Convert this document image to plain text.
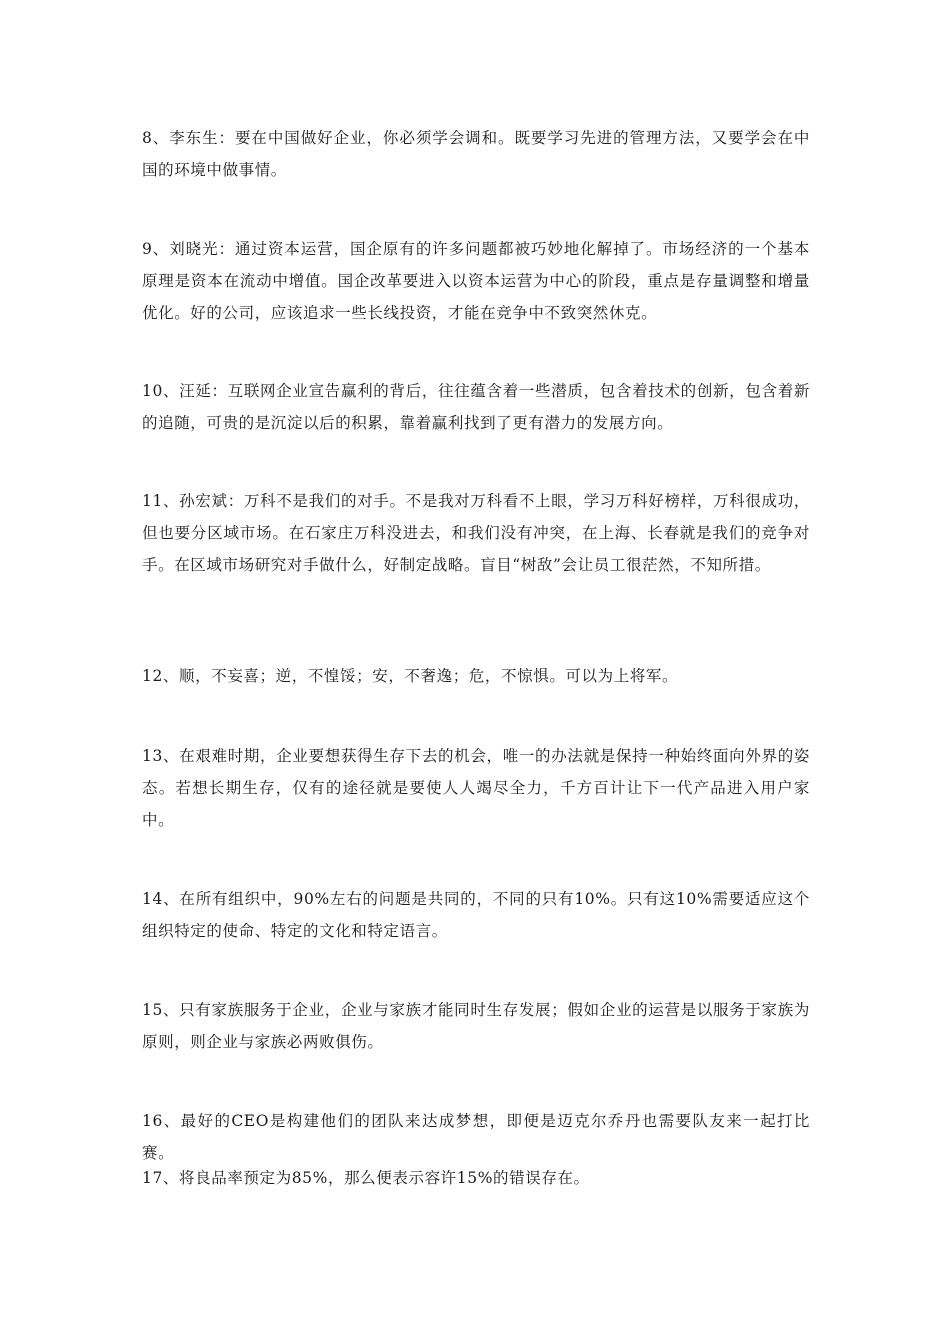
8、李东生：要在中国做好企业，你必须学会调和。既要学习先进的管理方法，又要学会在中国的环境中做事情。

9、刘晓光：通过资本运营，国企原有的许多问题都被巧妙地化解掉了。市场经济的一个基本原理是资本在流动中增值。国企改革要进入以资本运营为中心的阶段，重点是存量调整和增量优化。好的公司，应该追求一些长线投资，才能在竞争中不致突然休克。

10、汪延：互联网企业宣告赢利的背后，往往蕴含着一些潜质，包含着技术的创新，包含着新的追随，可贵的是沉淀以后的积累，靠着赢利找到了更有潜力的发展方向。

11、孙宏斌：万科不是我们的对手。不是我对万科看不上眼，学习万科好榜样，万科很成功，但也要分区域市场。在石家庄万科没进去，和我们没有冲突，在上海、长春就是我们的竞争对手。在区域市场研究对手做什么，好制定战略。盲目“树敌”会让员工很茫然，不知所措。

12、顺，不妄喜；逆，不惶馁；安，不奢逸；危，不惊惧。可以为上将军。

13、在艰难时期，企业要想获得生存下去的机会，唯一的办法就是保持一种始终面向外界的姿态。若想长期生存，仅有的途径就是要使人人竭尽全力，千方百计让下一代产品进入用户家中。

14、在所有组织中，90%左右的问题是共同的，不同的只有10%。只有这10%需要适应这个组织特定的使命、特定的文化和特定语言。

15、只有家族服务于企业，企业与家族才能同时生存发展；假如企业的运营是以服务于家族为原则，则企业与家族必两败俱伤。

16、最好的CEO是构建他们的团队来达成梦想，即便是迈克尔乔丹也需要队友来一起打比赛。

17、将良品率预定为85%，那么便表示容许15%的错误存在。
